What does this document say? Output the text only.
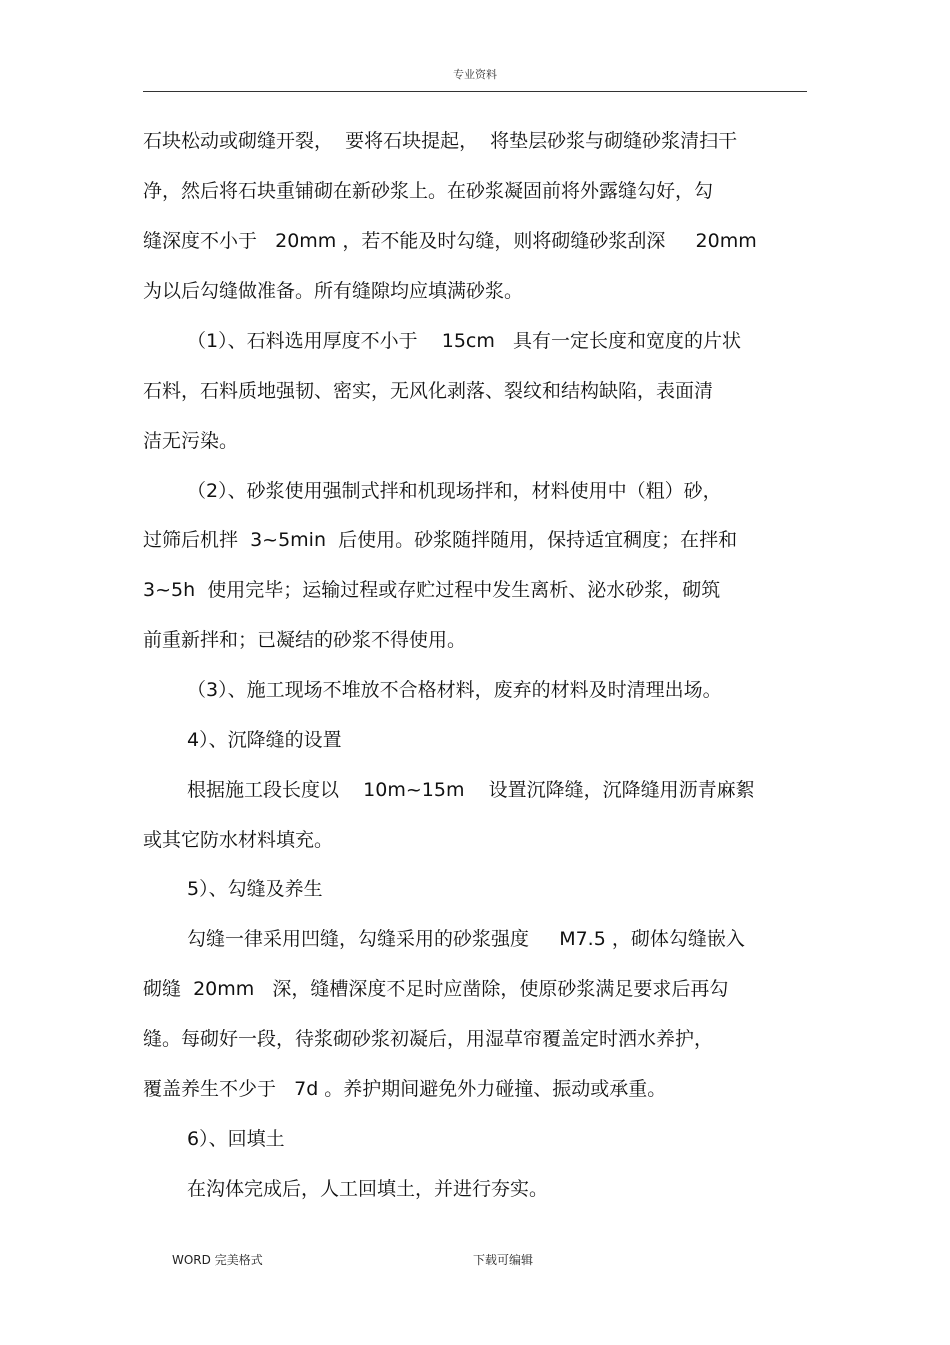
专业资料
石块松动或砌缝开裂，  要将石块提起，  将垫层砂浆与砌缝砂浆清扫干
净，然后将石块重铺砌在新砂浆上。在砂浆凝固前将外露缝勾好，勾
缝深度不小于   20mm ，若不能及时勾缝，则将砌缝砂浆刮深     20mm
为以后勾缝做准备。所有缝隙均应填满砂浆。
（1）、石料选用厚度不小于    15cm   具有一定长度和宽度的片状
石料，石料质地强韧、密实，无风化剥落、裂纹和结构缺陷，表面清
洁无污染。
（2）、砂浆使用强制式拌和机现场拌和，材料使用中（粗）砂，
过筛后机拌  3~5min  后使用。砂浆随拌随用，保持适宜稠度；在拌和
3~5h  使用完毕；运输过程或存贮过程中发生离析、泌水砂浆，砌筑
前重新拌和；已凝结的砂浆不得使用。
（3）、施工现场不堆放不合格材料，废弃的材料及时清理出场。
4）、沉降缝的设置
根据施工段长度以    10m~15m    设置沉降缝，沉降缝用沥青麻絮
或其它防水材料填充。
5）、勾缝及养生
勾缝一律采用凹缝，勾缝采用的砂浆强度     M7.5 ，砌体勾缝嵌入
砌缝  20mm   深，缝槽深度不足时应凿除，使原砂浆满足要求后再勾
缝。每砌好一段，待浆砌砂浆初凝后，用湿草帘覆盖定时洒水养护，
覆盖养生不少于   7d 。养护期间避免外力碰撞、振动或承重。
6）、回填土
在沟体完成后，人工回填土，并进行夯实。
WORD 完美格式	下载可编辑
